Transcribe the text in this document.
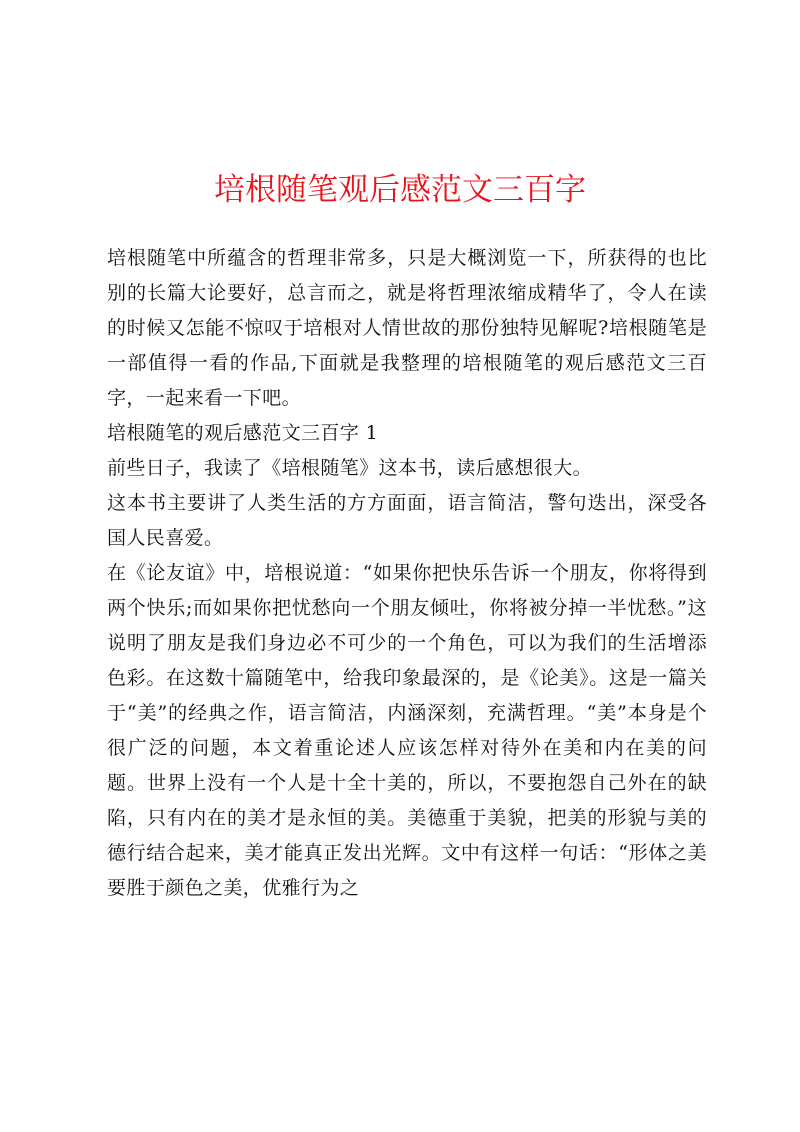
培根随笔观后感范文三百字

培根随笔中所蕴含的哲理非常多，只是大概浏览一下，所获得的也比别的长篇大论要好，总言而之，就是将哲理浓缩成精华了，令人在读的时候又怎能不惊叹于培根对人情世故的那份独特见解呢?培根随笔是一部值得一看的作品,下面就是我整理的培根随笔的观后感范文三百字，一起来看一下吧。

培根随笔的观后感范文三百字 1

前些日子，我读了《培根随笔》这本书，读后感想很大。

这本书主要讲了人类生活的方方面面，语言简洁，警句迭出，深受各国人民喜爱。

在《论友谊》中，培根说道：“如果你把快乐告诉一个朋友，你将得到两个快乐;而如果你把忧愁向一个朋友倾吐，你将被分掉一半忧愁。”这说明了朋友是我们身边必不可少的一个角色，可以为我们的生活增添色彩。在这数十篇随笔中，给我印象最深的，是《论美》。这是一篇关于“美”的经典之作，语言简洁，内涵深刻，充满哲理。“美”本身是个很广泛的问题，本文着重论述人应该怎样对待外在美和内在美的问题。世界上没有一个人是十全十美的，所以，不要抱怨自己外在的缺陷，只有内在的美才是永恒的美。美德重于美貌，把美的形貌与美的德行结合起来，美才能真正发出光辉。文中有这样一句话：“形体之美要胜于颜色之美，优雅行为之
